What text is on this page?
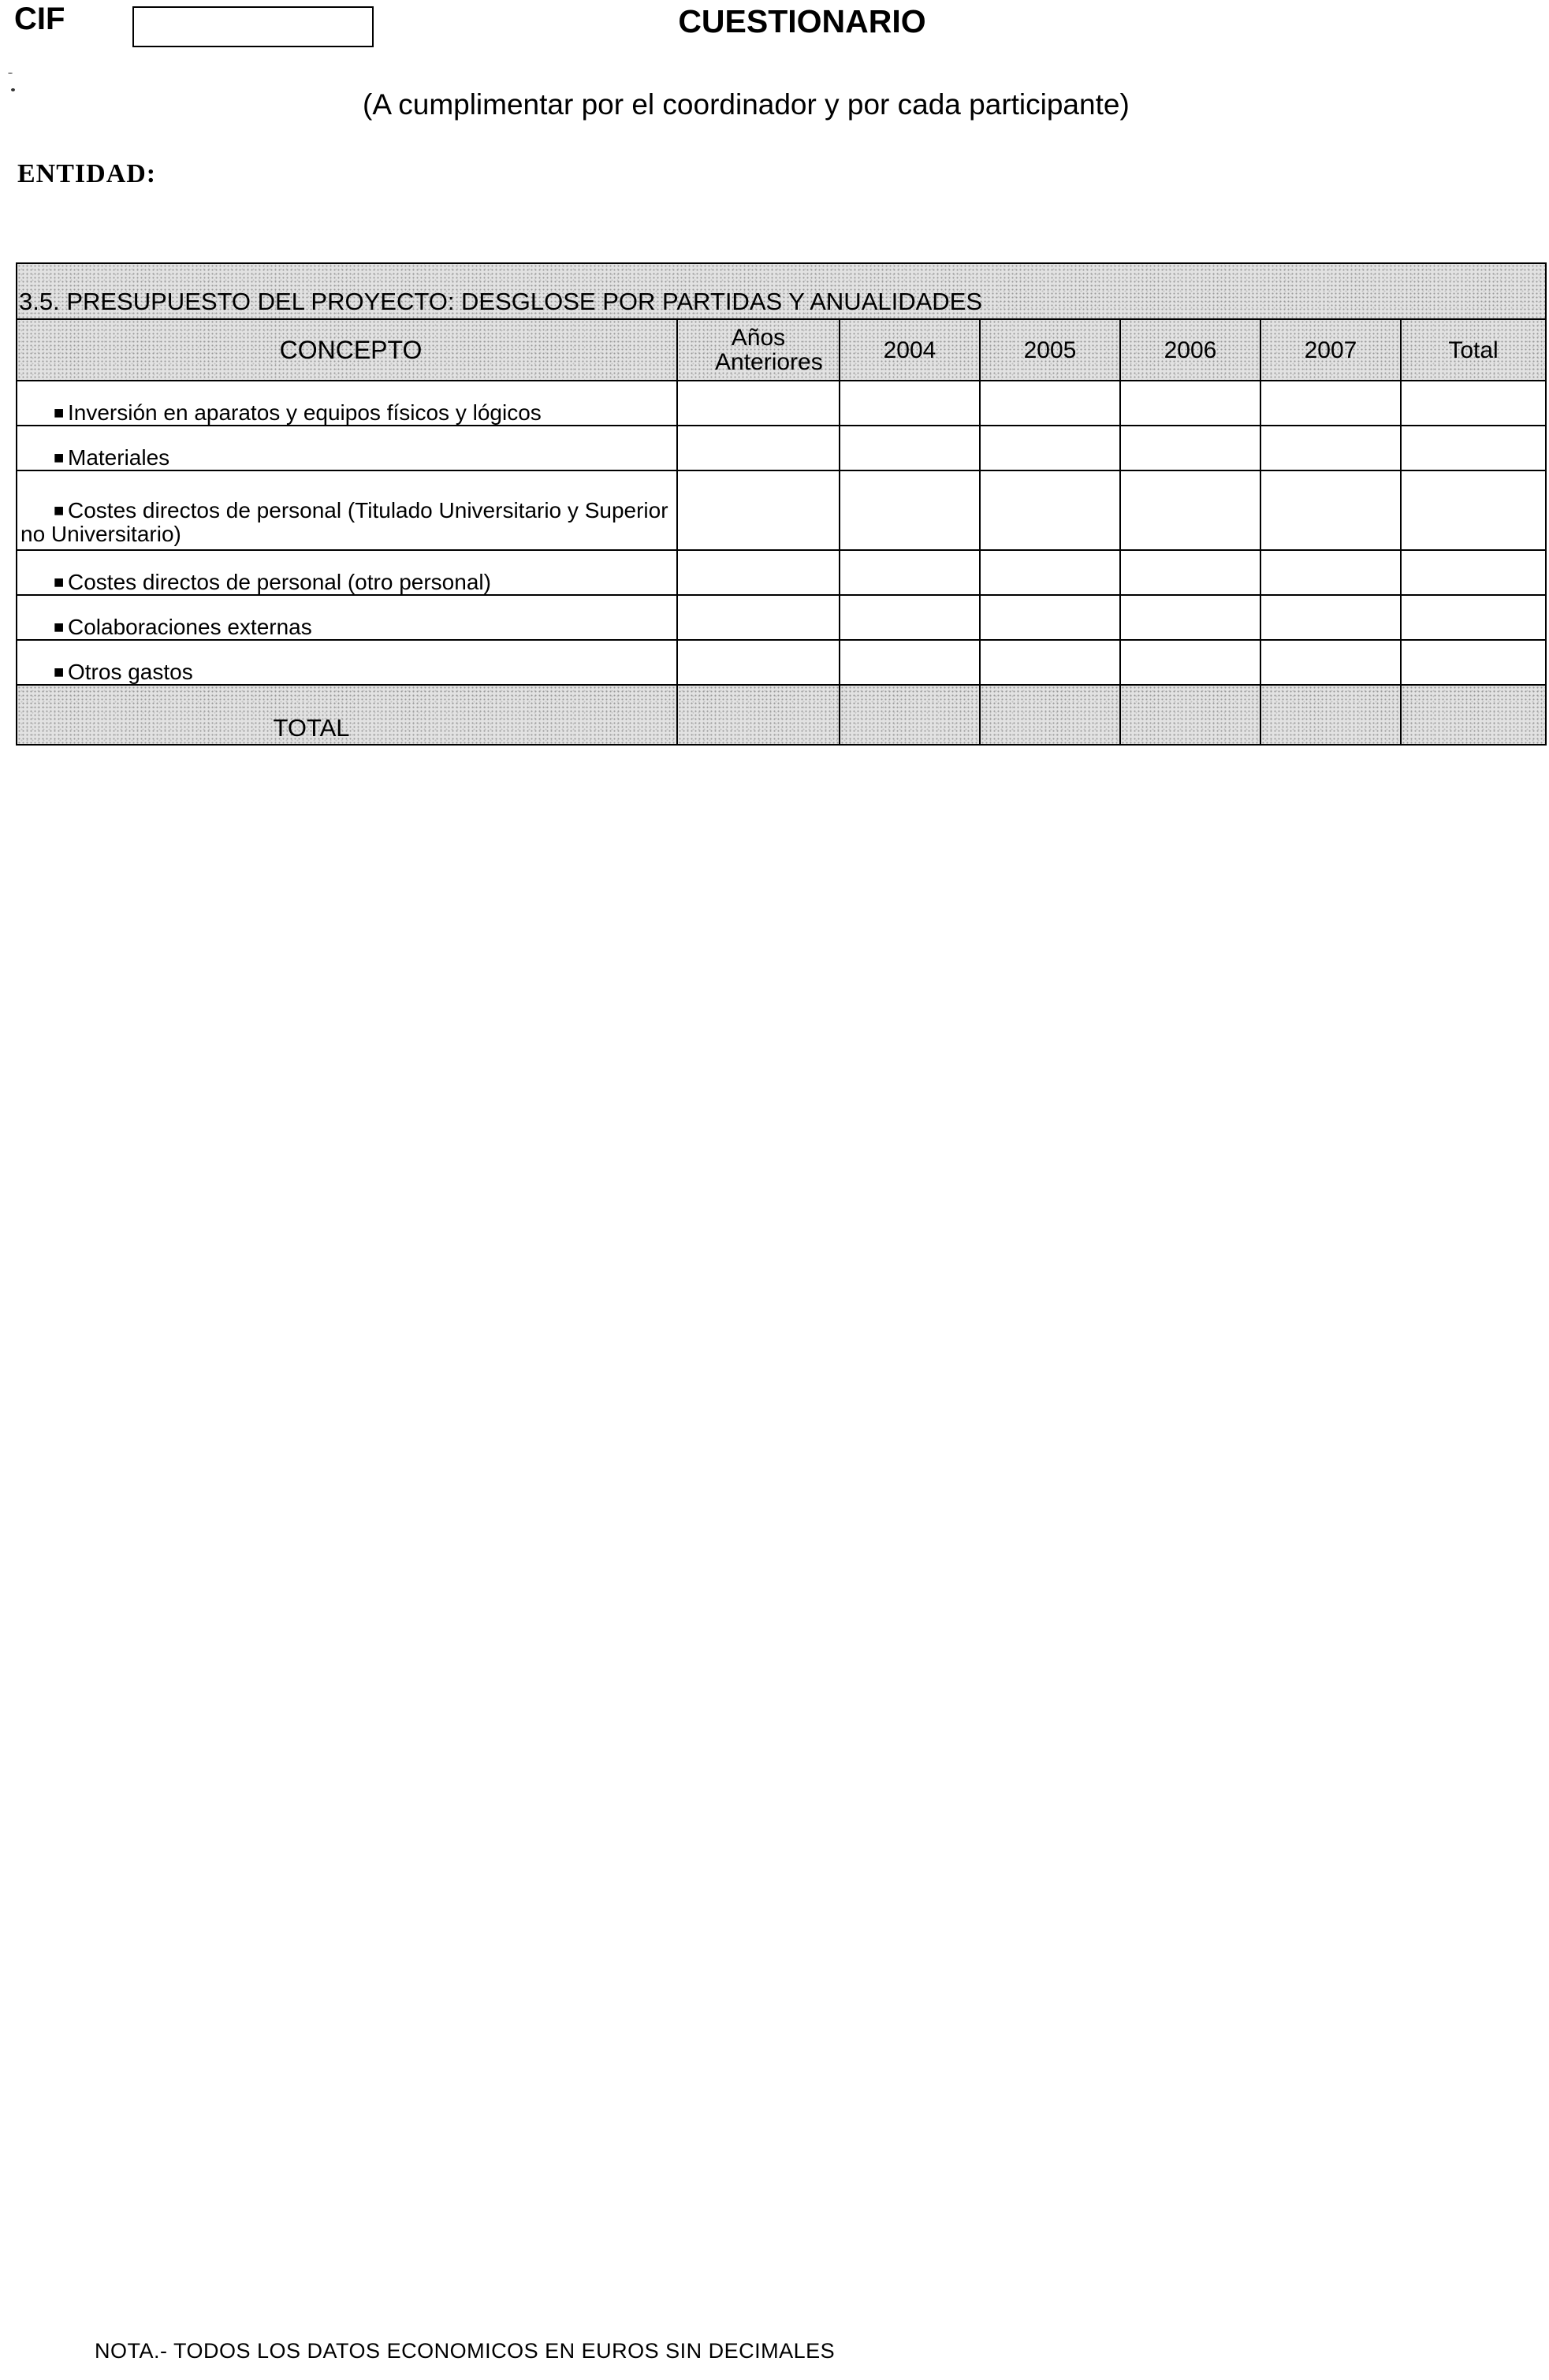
CIF	CUESTIONARIO
(A cumplimentar por el coordinador y por cada participante)
ENTIDAD:
3.5. PRESUPUESTO DEL PROYECTO: DESGLOSE POR PARTIDAS Y ANUALIDADES						
CONCEPTO	Años Anteriores	2004	2005	2006	2007	Total
■ Inversión en aparatos y equipos físicos y lógicos						
■ Materiales						
■ Costes directos de personal (Titulado Universitario y Superior no Universitario)						
■ Costes directos de personal (otro personal)						
■ Colaboraciones externas						
■ Otros gastos						
TOTAL						
NOTA.- TODOS LOS DATOS ECONOMICOS EN EUROS SIN DECIMALES
